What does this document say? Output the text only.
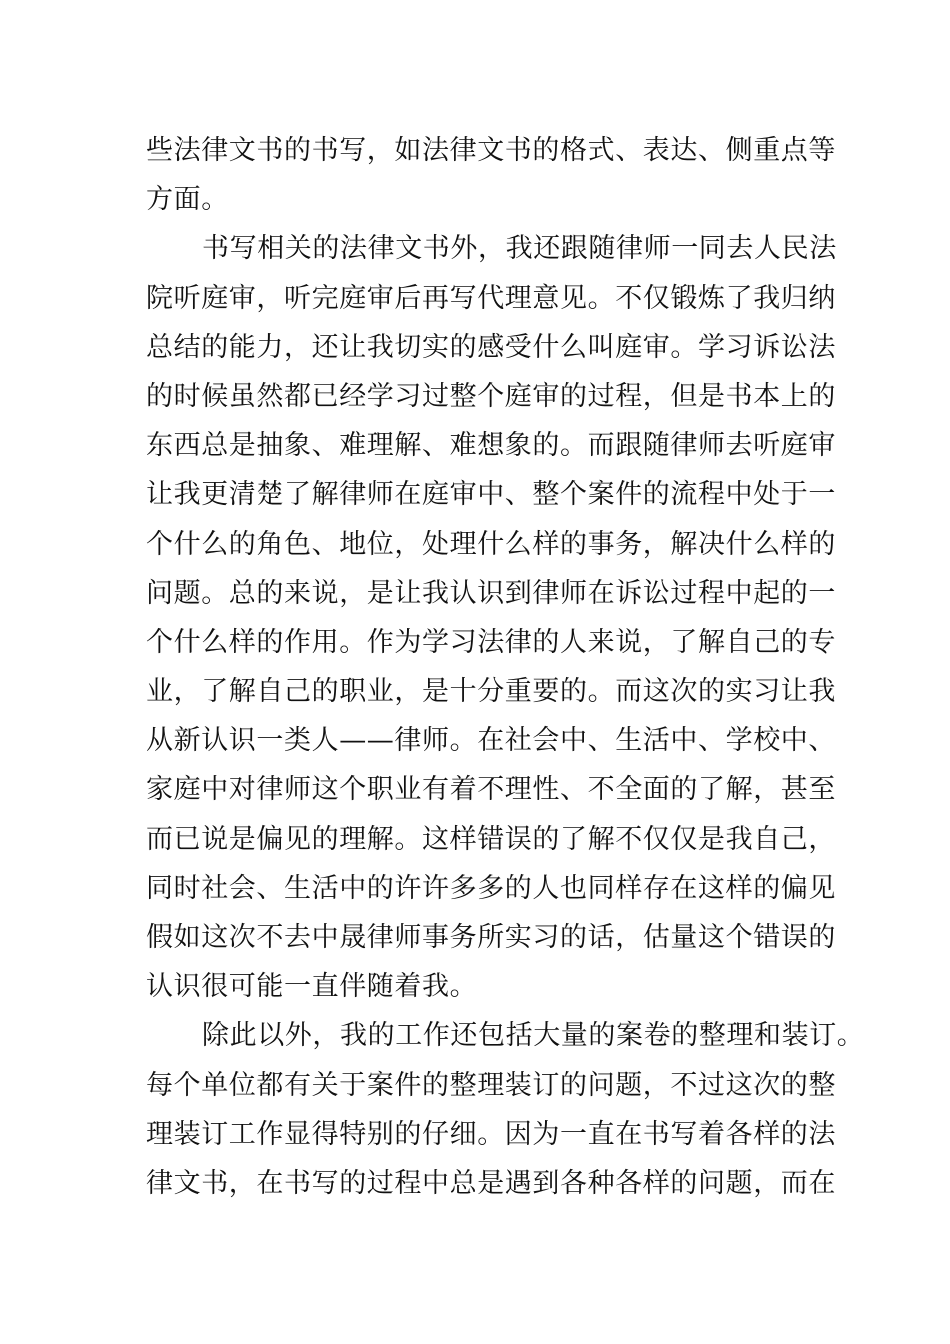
些法律文书的书写，如法律文书的格式、表达、侧重点等
方面。
书写相关的法律文书外，我还跟随律师一同去人民法
院听庭审，听完庭审后再写代理意见。不仅锻炼了我归纳
总结的能力，还让我切实的感受什么叫庭审。学习诉讼法
的时候虽然都已经学习过整个庭审的过程，但是书本上的
东西总是抽象、难理解、难想象的。而跟随律师去听庭审
让我更清楚了解律师在庭审中、整个案件的流程中处于一
个什么的角色、地位，处理什么样的事务，解决什么样的
问题。总的来说，是让我认识到律师在诉讼过程中起的一
个什么样的作用。作为学习法律的人来说，了解自己的专
业，了解自己的职业，是十分重要的。而这次的实习让我
从新认识一类人——律师。在社会中、生活中、学校中、
家庭中对律师这个职业有着不理性、不全面的了解，甚至
而已说是偏见的理解。这样错误的了解不仅仅是我自己，
同时社会、生活中的许许多多的人也同样存在这样的偏见
假如这次不去中晟律师事务所实习的话，估量这个错误的
认识很可能一直伴随着我。
除此以外，我的工作还包括大量的案卷的整理和装订。
每个单位都有关于案件的整理装订的问题，不过这次的整
理装订工作显得特别的仔细。因为一直在书写着各样的法
律文书，在书写的过程中总是遇到各种各样的问题，而在
